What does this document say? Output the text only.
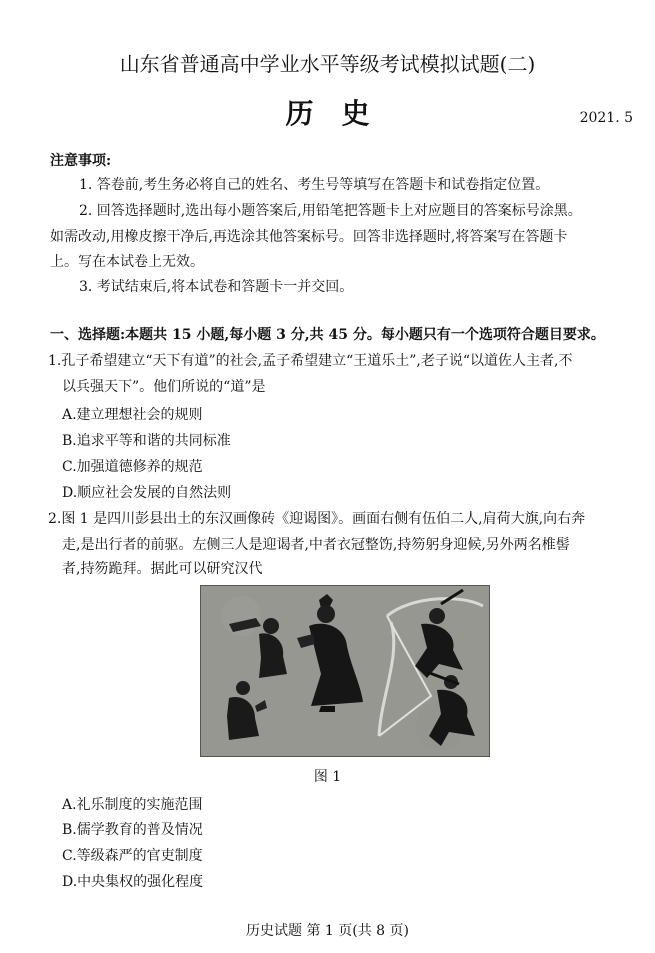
山东省普通高中学业水平等级考试模拟试题(二)
历史	2021. 5
注意事项:
1. 答卷前,考生务必将自己的姓名、考生号等填写在答题卡和试卷指定位置。
2. 回答选择题时,选出每小题答案后,用铅笔把答题卡上对应题目的答案标号涂黑。
如需改动,用橡皮擦干净后,再选涂其他答案标号。回答非选择题时,将答案写在答题卡
上。写在本试卷上无效。
3. 考试结束后,将本试卷和答题卡一并交回。
一、选择题:本题共 15 小题,每小题 3 分,共 45 分。每小题只有一个选项符合题目要求。
1.孔子希望建立“天下有道”的社会,孟子希望建立“王道乐土”,老子说“以道佐人主者,不
以兵强天下”。他们所说的“道”是
A.建立理想社会的规则
B.追求平等和谐的共同标准
C.加强道德修养的规范
D.顺应社会发展的自然法则
2.图 1 是四川彭县出土的东汉画像砖《迎谒图》。画面右侧有伍伯二人,肩荷大旗,向右奔
走,是出行者的前驱。左侧三人是迎谒者,中者衣冠整饬,持笏躬身迎候,另外两名椎髻
者,持笏跪拜。据此可以研究汉代
图 1
A.礼乐制度的实施范围
B.儒学教育的普及情况
C.等级森严的官吏制度
D.中央集权的强化程度
历史试题 第 1 页(共 8 页)
